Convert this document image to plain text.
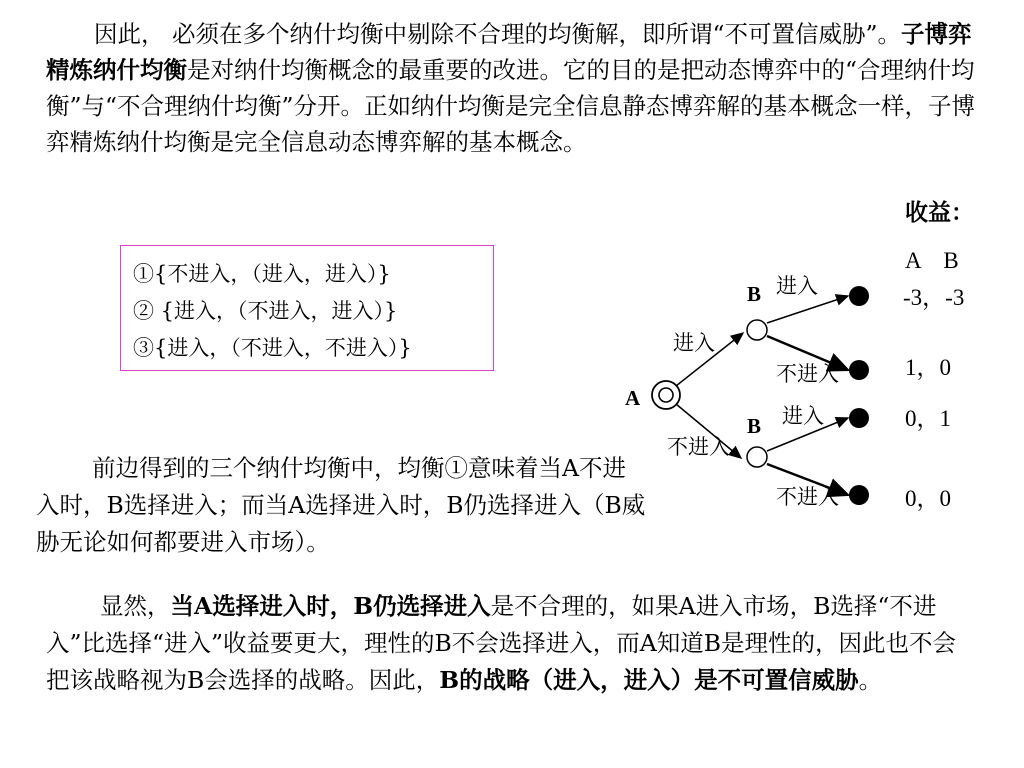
因此， 必须在多个纳什均衡中剔除不合理的均衡解，即所谓“不可置信威胁”。子博弈精炼纳什均衡是对纳什均衡概念的最重要的改进。它的目的是把动态博弈中的“合理纳什均衡”与“不合理纳什均衡”分开。正如纳什均衡是完全信息静态博弈解的基本概念一样，子博弈精炼纳什均衡是完全信息动态博弈解的基本概念。

①{不进入，（进入，进入）}
② {进入，（不进入，进入）}
③{进入，（不进入，不进入）}
A
B
B
进入
不进入
进入
不进入
进入
不进入
收益：
A    B
-3，-3
1，0
0，1
0，0

前边得到的三个纳什均衡中，均衡①意味着当A不进入时，B选择进入；而当A选择进入时，B仍选择进入（B威胁无论如何都要进入市场）。

显然，当A选择进入时，B仍选择进入是不合理的，如果A进入市场，B选择“不进入”比选择“进入”收益要更大，理性的B不会选择进入，而A知道B是理性的，因此也不会把该战略视为B会选择的战略。因此，B的战略（进入，进入）是不可置信威胁。
